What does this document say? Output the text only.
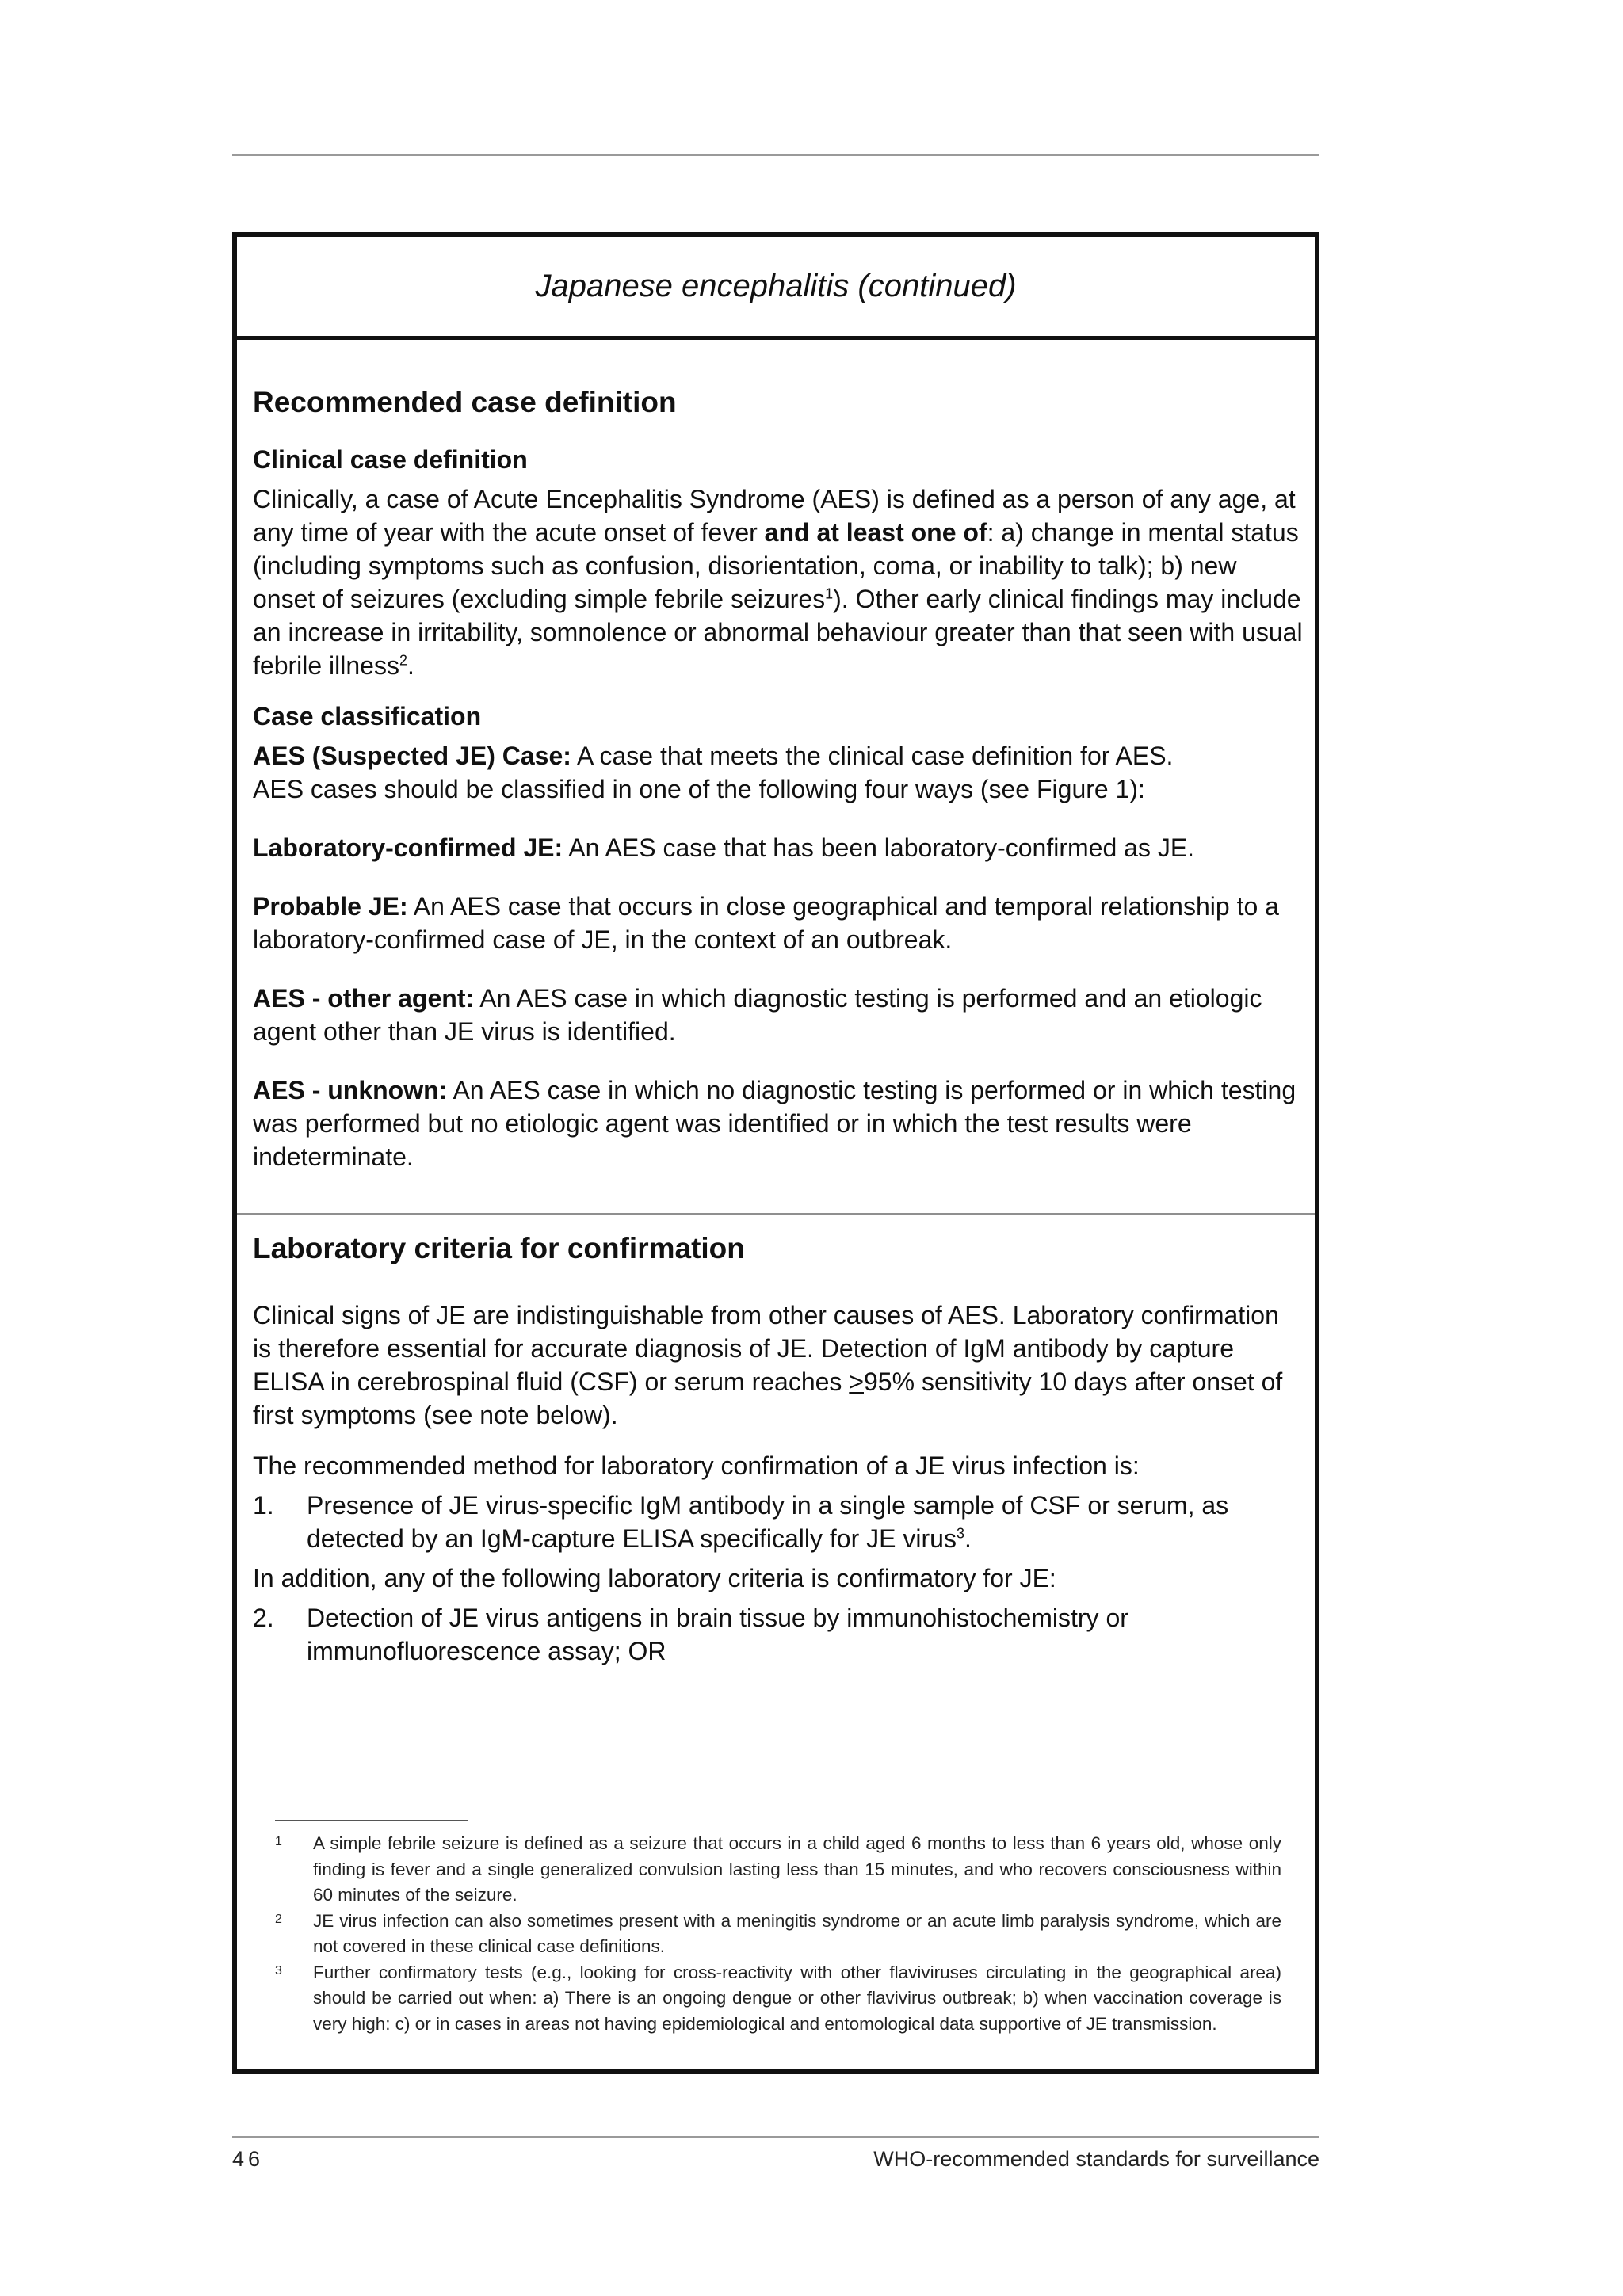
Japanese encephalitis (continued)
Recommended case definition
Clinical case definition

Clinically, a case of Acute Encephalitis Syndrome (AES) is defined as a person of any age, at any time of year with the acute onset of fever and at least one of: a) change in mental status (including symptoms such as confusion, disorientation, coma, or inability to talk); b) new onset of seizures (excluding simple febrile seizures$^1$). Other early clinical findings may include an increase in irritability, somnolence or abnormal behaviour greater than that seen with usual febrile illness$^2$.

Case classification

AES (Suspected JE) Case: A case that meets the clinical case definition for AES.
AES cases should be classified in one of the following four ways (see Figure 1):

Laboratory-confirmed JE: An AES case that has been laboratory-confirmed as JE.

Probable JE: An AES case that occurs in close geographical and temporal relationship to a laboratory-confirmed case of JE, in the context of an outbreak.

AES - other agent: An AES case in which diagnostic testing is performed and an etiologic agent other than JE virus is identified.

AES - unknown: An AES case in which no diagnostic testing is performed or in which testing was performed but no etiologic agent was identified or in which the test results were indeterminate.

Laboratory criteria for confirmation

Clinical signs of JE are indistinguishable from other causes of AES. Laboratory confirmation is therefore essential for accurate diagnosis of JE. Detection of IgM antibody by capture ELISA in cerebrospinal fluid (CSF) or serum reaches ≥95% sensitivity 10 days after onset of first symptoms (see note below).

The recommended method for laboratory confirmation of a JE virus infection is:

1. Presence of JE virus-specific IgM antibody in a single sample of CSF or serum, as detected by an IgM-capture ELISA specifically for JE virus$^3$.

In addition, any of the following laboratory criteria is confirmatory for JE:

2. Detection of JE virus antigens in brain tissue by immunohistochemistry or immunofluorescence assay; OR
1 A simple febrile seizure is defined as a seizure that occurs in a child aged 6 months to less than 6 years old, whose only finding is fever and a single generalized convulsion lasting less than 15 minutes, and who recovers consciousness within 60 minutes of the seizure.
2 JE virus infection can also sometimes present with a meningitis syndrome or an acute limb paralysis syndrome, which are not covered in these clinical case definitions.
3 Further confirmatory tests (e.g., looking for cross-reactivity with other flaviviruses circulating in the geographical area) should be carried out when: a) There is an ongoing dengue or other flavivirus outbreak; b) when vaccination coverage is very high: c) or in cases in areas not having epidemiological and entomological data supportive of JE transmission.
46	WHO-recommended standards for surveillance
